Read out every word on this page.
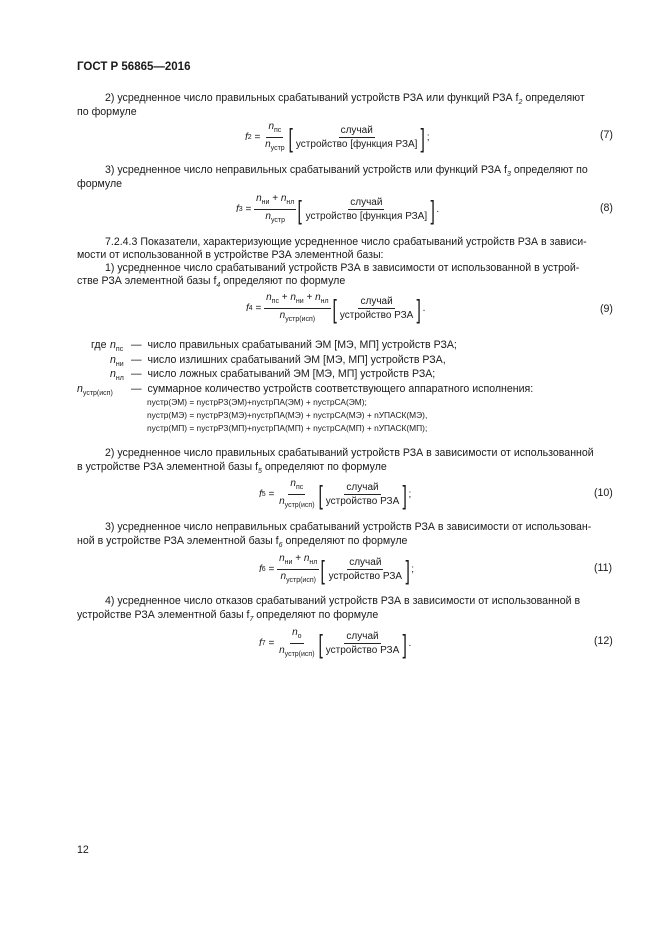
ГОСТ Р 56865—2016
2) усредненное число правильных срабатываний устройств РЗА или функций РЗА $f_2$ определяют
по формуле
f $2 = \frac{n_{пс}}{n_{устр}}$ [ $\frac{\text{случай}}{\text{устройство [функция РЗА]}}$ ] ;	(7)
3) усредненное число неправильных срабатываний устройств или функций РЗА $f_3$ определяют по
формуле
f $3 = \frac{n_{ни} + n_{нл}}{n_{устр}}$ [ $\frac{\text{случай}}{\text{устройство [функция РЗА]}}$ ] .	(8)
7.2.4.3 Показатели, характеризующие усредненное число срабатываний устройств РЗА в зависи-
мости от использованной в устройстве РЗА элементной базы:
1) усредненное число срабатываний устройств РЗА в зависимости от использованной в устрой-
стве РЗА элементной базы $f_4$ определяют по формуле
f $4 = \frac{n_{пс} + n_{ни} + n_{нл}}{n_{устр(исп)}}$ [ $\frac{\text{случай}}{\text{устройство РЗА}}$ ] .	(9)
где $n_{пс}$ — число правильных срабатываний ЭМ [МЭ, МП] устройств РЗА;
$n_{ни}$ — число излишних срабатываний ЭМ [МЭ, МП] устройств РЗА,
$n_{нл}$ — число ложных срабатываний ЭМ [МЭ, МП] устройств РЗА;
$n_{устр(исп)}$ — суммарное количество устройств соответствующего аппаратного исполнения:
nустр(ЭМ) = nустрРЗ(ЭМ)+nустрПА(ЭМ) + nустрСА(ЭМ);
nустр(МЭ) = nустрРЗ(МЭ)+nустрПА(МЭ) + nустрСА(МЭ) + nУПАСК(МЭ),
nустр(МП) = nустрРЗ(МП)+nустрПА(МП) + nустрСА(МП) + nУПАСК(МП);
2) усредненное число правильных срабатываний устройств РЗА в зависимости от использованной
в устройстве РЗА элементной базы $f_5$ определяют по формуле
f $5 = \frac{n_{пс}}{n_{устр(исп)}}$ [ $\frac{\text{случай}}{\text{устройство РЗА}}$ ] ;	(10)
3) усредненное число неправильных срабатываний устройств РЗА в зависимости от использован-
ной в устройстве РЗА элементной базы $f_6$ определяют по формуле
f $6 = \frac{n_{ни} + n_{нл}}{n_{устр(исп)}}$ [ $\frac{\text{случай}}{\text{устройство РЗА}}$ ] ;	(11)
4) усредненное число отказов срабатываний устройств РЗА в зависимости от использованной в
устройстве РЗА элементной базы $f_7$ определяют по формуле
f $7 = \frac{n_о}{n_{устр(исп)}}$ [ $\frac{\text{случай}}{\text{устройство РЗА}}$ ] .	(12)
12
